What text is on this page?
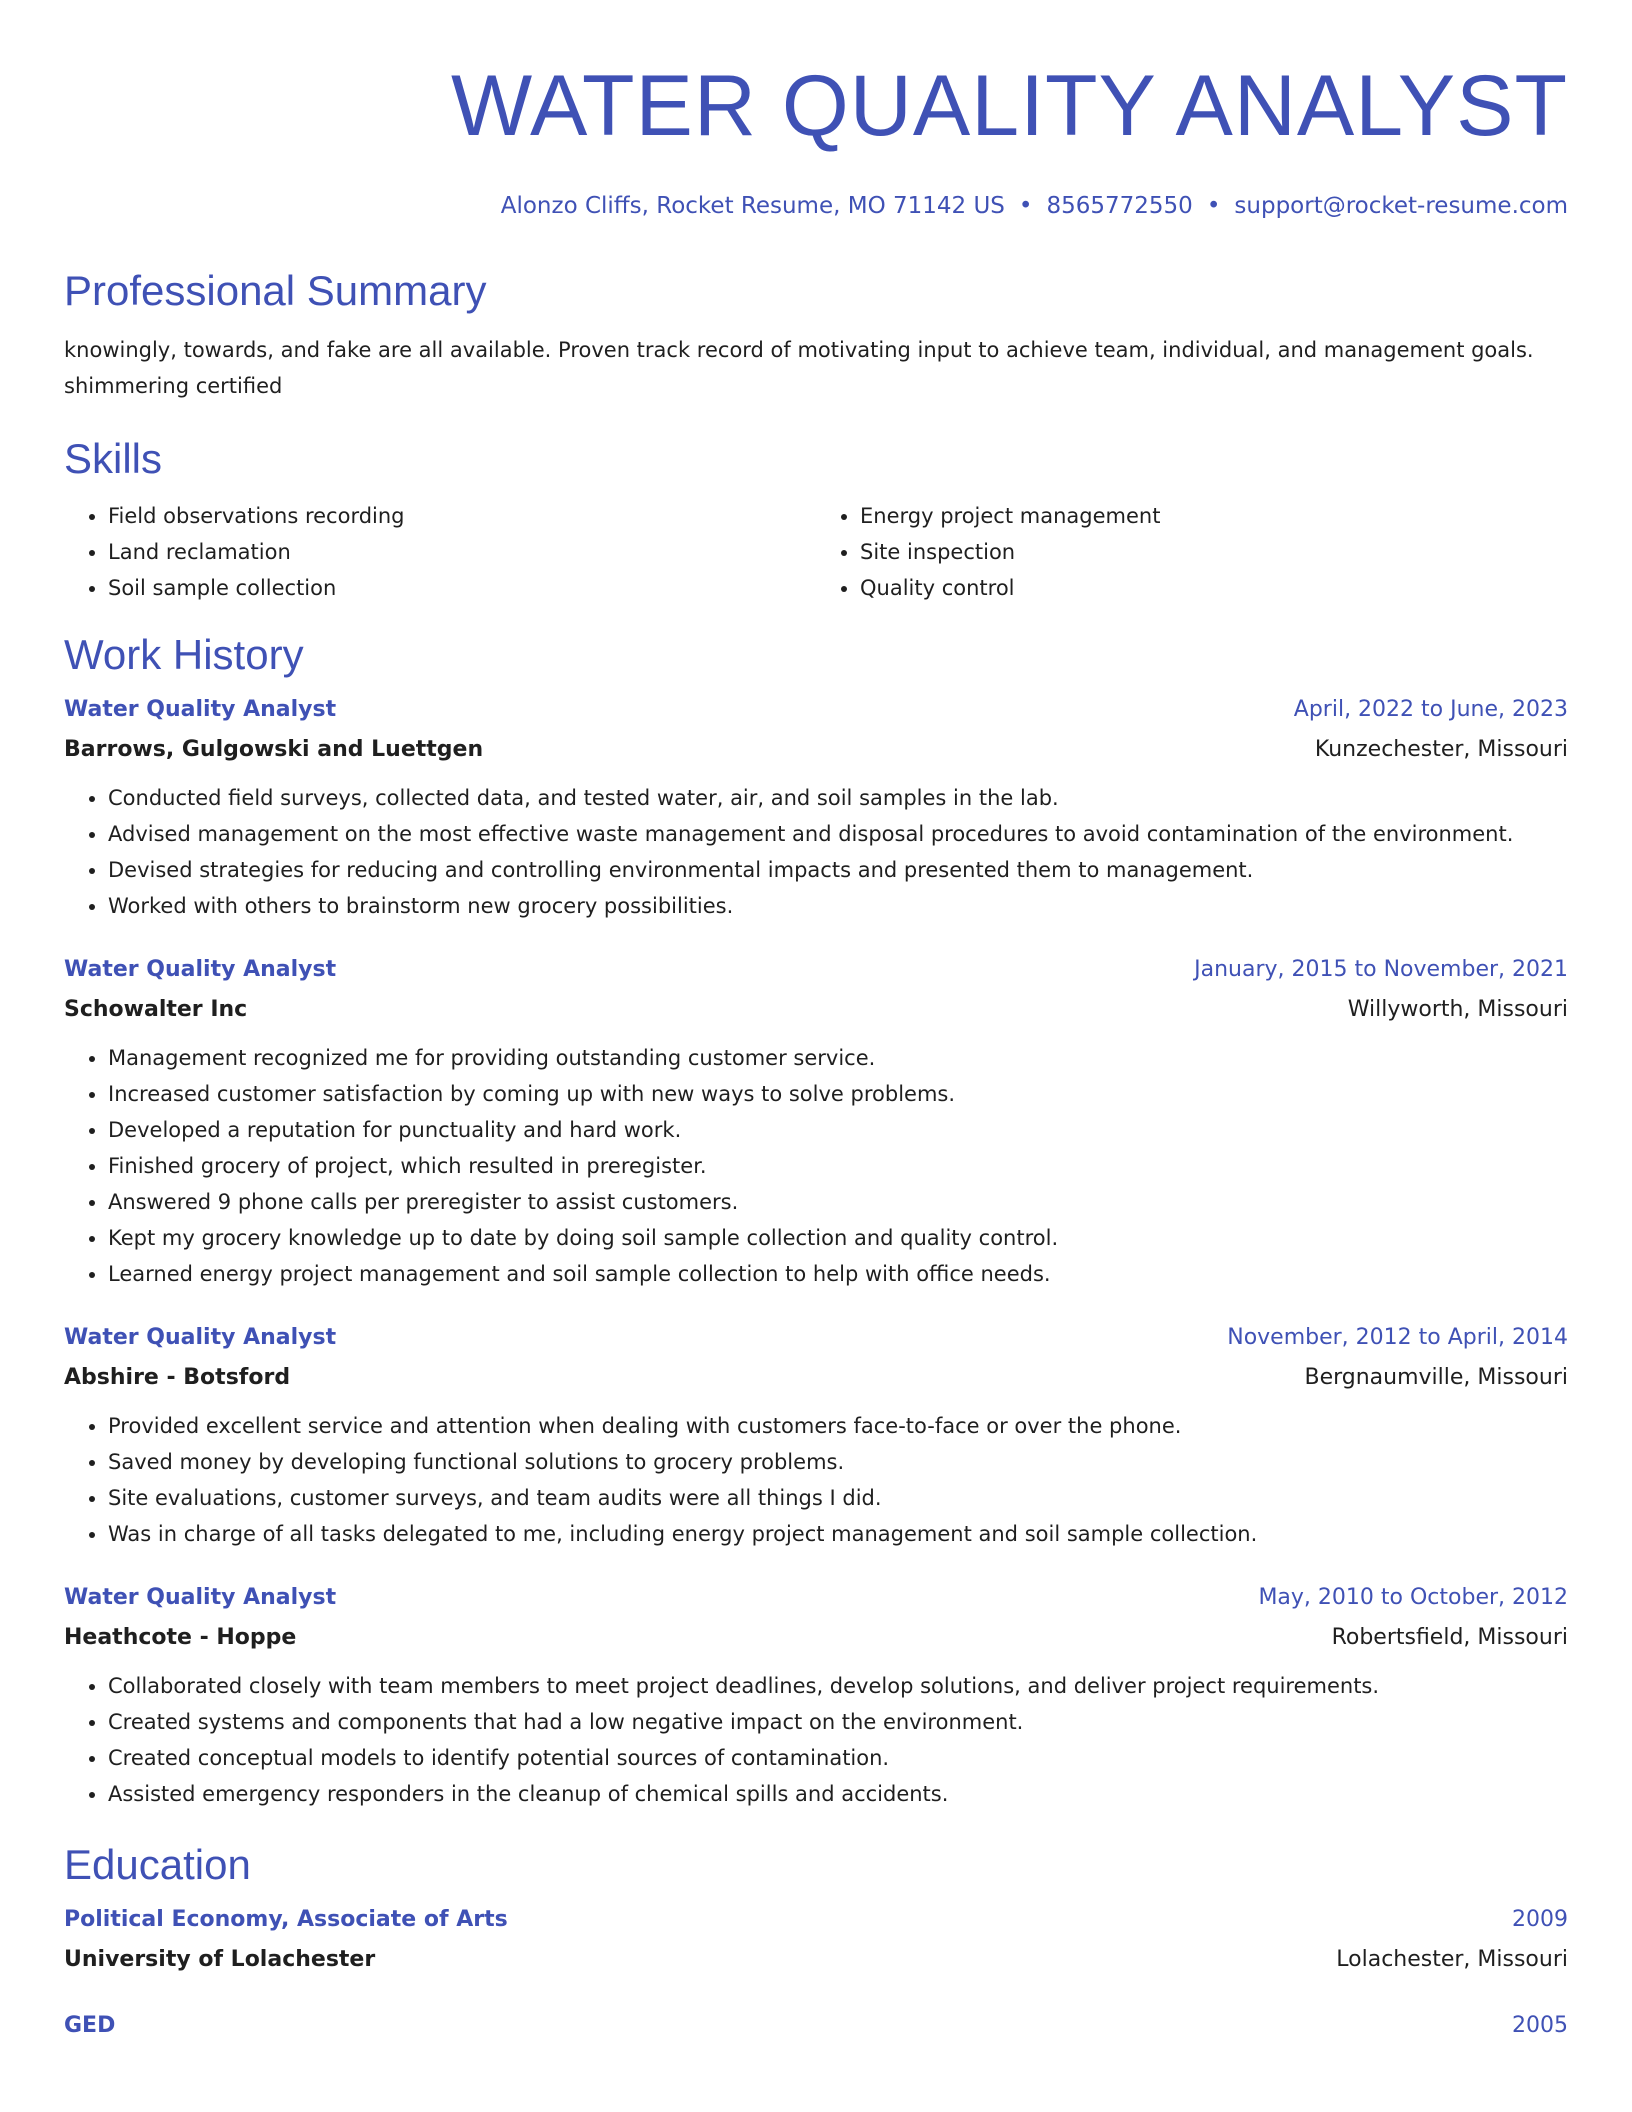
WATER QUALITY ANALYST
Alonzo Cliffs, Rocket Resume, MO 71142 US • 8565772550 • support@rocket-resume.com
Professional Summary
knowingly, towards, and fake are all available. Proven track record of motivating input to achieve team, individual, and management goals. shimmering certified
Skills
• Field observations recording
• Land reclamation
• Soil sample collection
• Energy project management
• Site inspection
• Quality control
Work History
Water Quality Analyst	April, 2022 to June, 2023
Barrows, Gulgowski and Luettgen	Kunzechester, Missouri
• Conducted field surveys, collected data, and tested water, air, and soil samples in the lab.
• Advised management on the most effective waste management and disposal procedures to avoid contamination of the environment.
• Devised strategies for reducing and controlling environmental impacts and presented them to management.
• Worked with others to brainstorm new grocery possibilities.
Water Quality Analyst	January, 2015 to November, 2021
Schowalter Inc	Willyworth, Missouri
• Management recognized me for providing outstanding customer service.
• Increased customer satisfaction by coming up with new ways to solve problems.
• Developed a reputation for punctuality and hard work.
• Finished grocery of project, which resulted in preregister.
• Answered 9 phone calls per preregister to assist customers.
• Kept my grocery knowledge up to date by doing soil sample collection and quality control.
• Learned energy project management and soil sample collection to help with office needs.
Water Quality Analyst	November, 2012 to April, 2014
Abshire - Botsford	Bergnaumville, Missouri
• Provided excellent service and attention when dealing with customers face-to-face or over the phone.
• Saved money by developing functional solutions to grocery problems.
• Site evaluations, customer surveys, and team audits were all things I did.
• Was in charge of all tasks delegated to me, including energy project management and soil sample collection.
Water Quality Analyst	May, 2010 to October, 2012
Heathcote - Hoppe	Robertsfield, Missouri
• Collaborated closely with team members to meet project deadlines, develop solutions, and deliver project requirements.
• Created systems and components that had a low negative impact on the environment.
• Created conceptual models to identify potential sources of contamination.
• Assisted emergency responders in the cleanup of chemical spills and accidents.
Education
Political Economy, Associate of Arts	2009
University of Lolachester	Lolachester, Missouri
GED	2005
